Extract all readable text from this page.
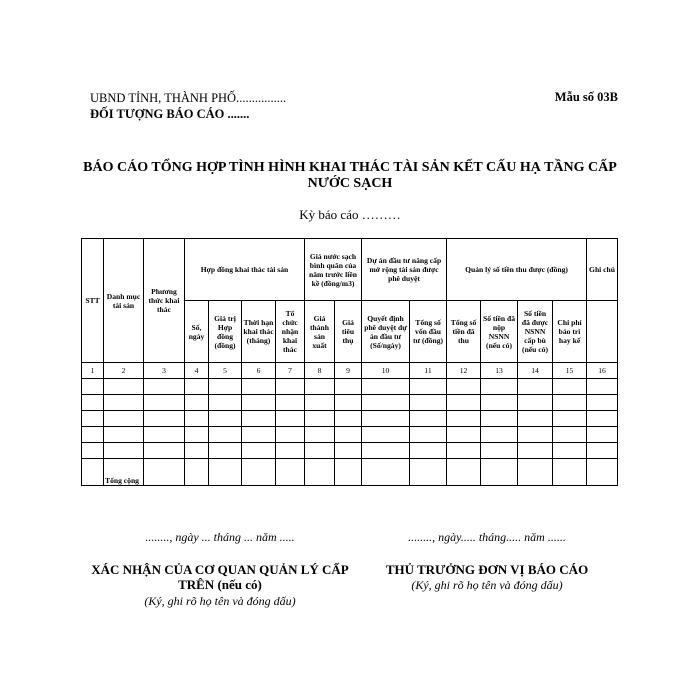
UBND TỈNH, THÀNH PHỐ................
ĐỐI TƯỢNG BÁO CÁO .......
Mẫu số 03B
BÁO CÁO TỔNG HỢP TÌNH HÌNH KHAI THÁC TÀI SẢN KẾT CẤU HẠ TẦNG CẤP NƯỚC SẠCH
Kỳ báo cáo ………
STT	Danh mục tài sản	Phương thức khai thác	Hợp đồng khai thác tài sản				Giá nước sạch bình quân của năm trước liền kề (đồng/m3)		Dự án đầu tư nâng cấp mở rộng tài sản được phê duyệt		Quản lý số tiền thu được (đồng)				Ghi chú
			Số, ngày	Giá trị Hợp đồng (đồng)	Thời hạn khai thác (tháng)	Tổ chức nhận khai thác	Giá thành sản xuất	Giá tiêu thụ	Quyết định phê duyệt dự án đầu tư (Số/ngày)	Tổng số vốn đầu tư (đồng)	Tổng số tiền đã thu	Số tiền đã nộp NSNN (nếu có)	Số tiền đã được NSNN cấp bù (nếu có)	Chi phí bảo trì hay kế	
1	2	3	4	5	6	7	8	9	10	11	12	13	14	15	16

	Tổng cộng														
........, ngày ... tháng ... năm .....
XÁC NHẬN CỦA CƠ QUAN QUẢN LÝ CẤP TRÊN (nếu có)
(Ký, ghi rõ họ tên và đóng dấu)
........, ngày..... tháng..... năm ......
THỦ TRƯỞNG ĐƠN VỊ BÁO CÁO
(Ký, ghi rõ họ tên và đóng dấu)
